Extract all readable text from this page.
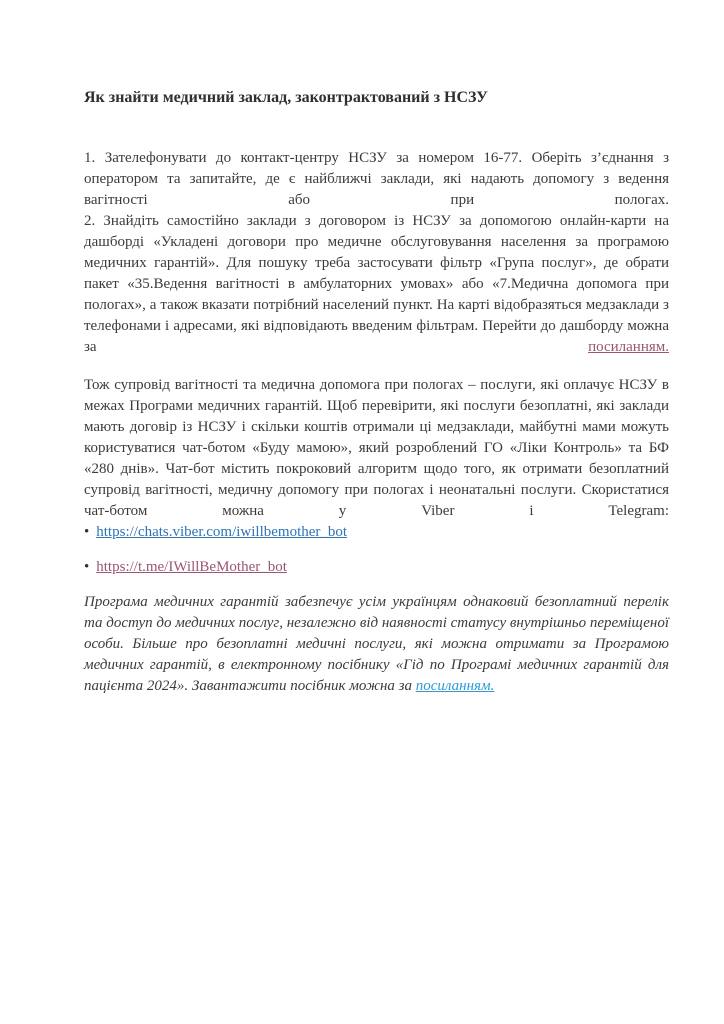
Як знайти медичний заклад, законтрактований з НСЗУ
1. Зателефонувати до контакт-центру НСЗУ за номером 16-77. Оберіть з’єднання з оператором та запитайте, де є найближчі заклади, які надають допомогу з ведення вагітності або при пологах.
2. Знайдіть самостійно заклади з договором із НСЗУ за допомогою онлайн-карти на дашборді «Укладені договори про медичне обслуговування населення за програмою медичних гарантій». Для пошуку треба застосувати фільтр «Група послуг», де обрати пакет «35.Ведення вагітності в амбулаторних умовах» або «7.Медична допомога при пологах», а також вказати потрібний населений пункт. На карті відобразяться медзаклади з телефонами і адресами, які відповідають введеним фільтрам. Перейти до дашборду можна за посиланням.
Тож супровід вагітності та медична допомога при пологах – послуги, які оплачує НСЗУ в межах Програми медичних гарантій. Щоб перевірити, які послуги безоплатні, які заклади мають договір із НСЗУ і скільки коштів отримали ці медзаклади, майбутні мами можуть користуватися чат-ботом «Буду мамою», який розроблений ГО «Ліки Контроль» та БФ «280 днів». Чат-бот містить покроковий алгоритм щодо того, як отримати безоплатний супровід вагітності, медичну допомогу при пологах і неонатальні послуги. Скористатися чат-ботом можна у Viber і Telegram:
• https://chats.viber.com/iwillbemother_bot
• https://t.me/IWillBeMother_bot
Програма медичних гарантій забезпечує усім українцям однаковий безоплатний перелік та доступ до медичних послуг, незалежно від наявності статусу внутрішньо переміщеної особи. Більше про безоплатні медичні послуги, які можна отримати за Програмою медичних гарантій, в електронному посібнику «Гід по Програмі медичних гарантій для пацієнта 2024». Завантажити посібник можна за посиланням.
